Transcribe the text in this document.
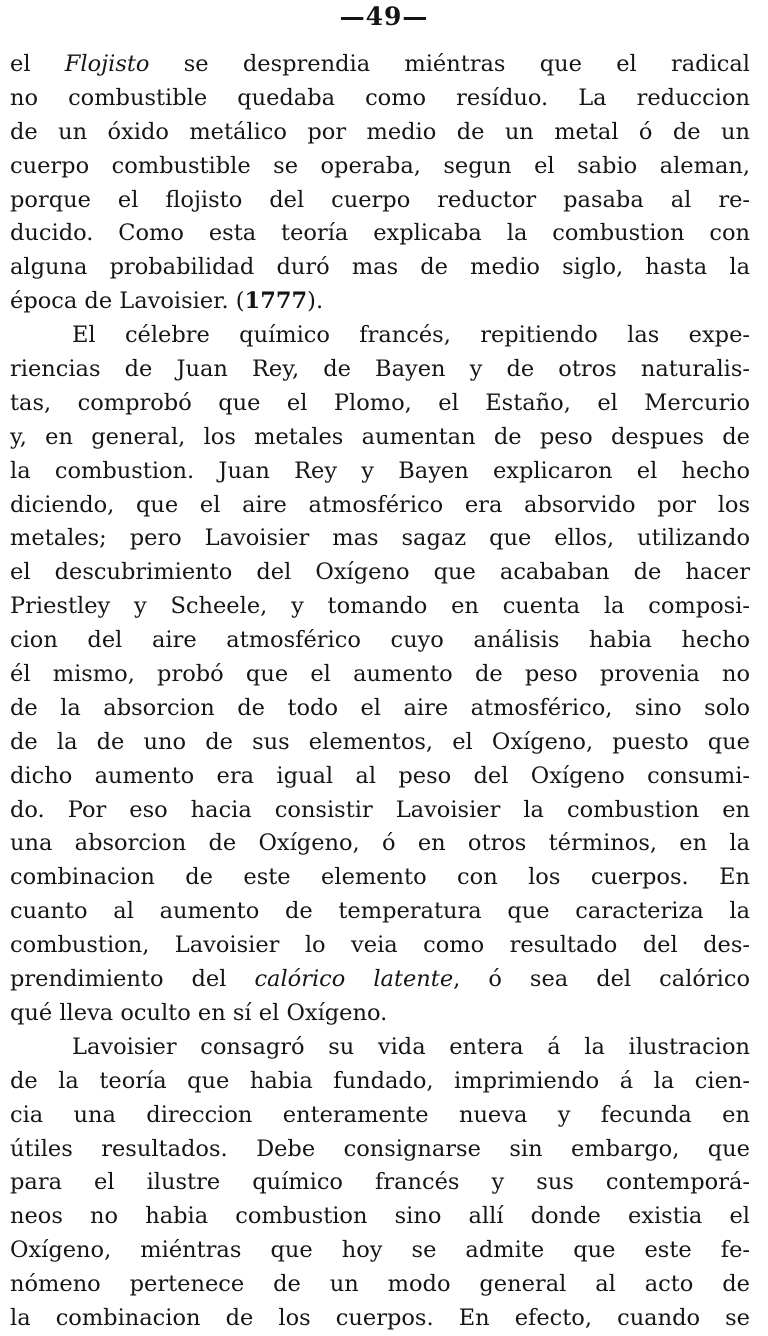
—49—
el Flojisto se desprendia miéntras que el radical
no combustible quedaba como resíduo. La reduccion
de un óxido metálico por medio de un metal ó de un
cuerpo combustible se operaba, segun el sabio aleman,
porque el flojisto del cuerpo reductor pasaba al re-
ducido. Como esta teoría explicaba la combustion con
alguna probabilidad duró mas de medio siglo, hasta la
época de Lavoisier. (1777).
El célebre químico francés, repitiendo las expe-
riencias de Juan Rey, de Bayen y de otros naturalis-
tas, comprobó que el Plomo, el Estaño, el Mercurio
y, en general, los metales aumentan de peso despues de
la combustion. Juan Rey y Bayen explicaron el hecho
diciendo, que el aire atmosférico era absorvido por los
metales; pero Lavoisier mas sagaz que ellos, utilizando
el descubrimiento del Oxígeno que acababan de hacer
Priestley y Scheele, y tomando en cuenta la composi-
cion del aire atmosférico cuyo análisis habia hecho
él mismo, probó que el aumento de peso provenia no
de la absorcion de todo el aire atmosférico, sino solo
de la de uno de sus elementos, el Oxígeno, puesto que
dicho aumento era igual al peso del Oxígeno consumi-
do. Por eso hacia consistir Lavoisier la combustion en
una absorcion de Oxígeno, ó en otros términos, en la
combinacion de este elemento con los cuerpos. En
cuanto al aumento de temperatura que caracteriza la
combustion, Lavoisier lo veia como resultado del des-
prendimiento del calórico latente, ó sea del calórico
qué lleva oculto en sí el Oxígeno.
Lavoisier consagró su vida entera á la ilustracion
de la teoría que habia fundado, imprimiendo á la cien-
cia una direccion enteramente nueva y fecunda en
útiles resultados. Debe consignarse sin embargo, que
para el ilustre químico francés y sus contemporá-
neos no habia combustion sino allí donde existia el
Oxígeno, miéntras que hoy se admite que este fe-
nómeno pertenece de un modo general al acto de
la combinacion de los cuerpos. En efecto, cuando se
